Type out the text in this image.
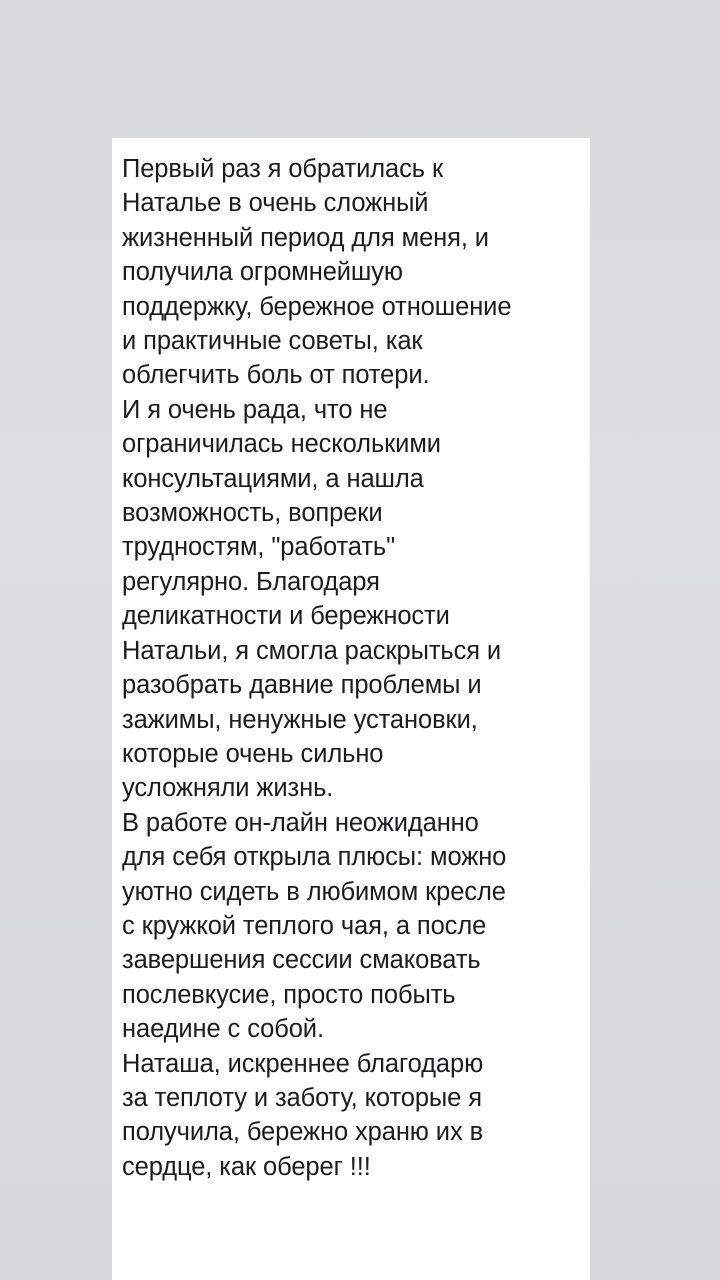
Первый раз я обратилась к
Наталье в очень сложный
жизненный период для меня, и
получила огромнейшую
поддержку, бережное отношение
и практичные советы, как
облегчить боль от потери.
И я очень рада, что не
ограничилась несколькими
консультациями, а нашла
возможность, вопреки
трудностям, "работать"
регулярно. Благодаря
деликатности и бережности
Натальи, я смогла раскрыться и
разобрать давние проблемы и
зажимы, ненужные установки,
которые очень сильно
усложняли жизнь.
В работе он-лайн неожиданно
для себя открыла плюсы: можно
уютно сидеть в любимом кресле
с кружкой теплого чая, а после
завершения сессии смаковать
послевкусие, просто побыть
наедине с собой.
Наташа, искреннее благодарю
за теплоту и заботу, которые я
получила, бережно храню их в
сердце, как оберег !!!
